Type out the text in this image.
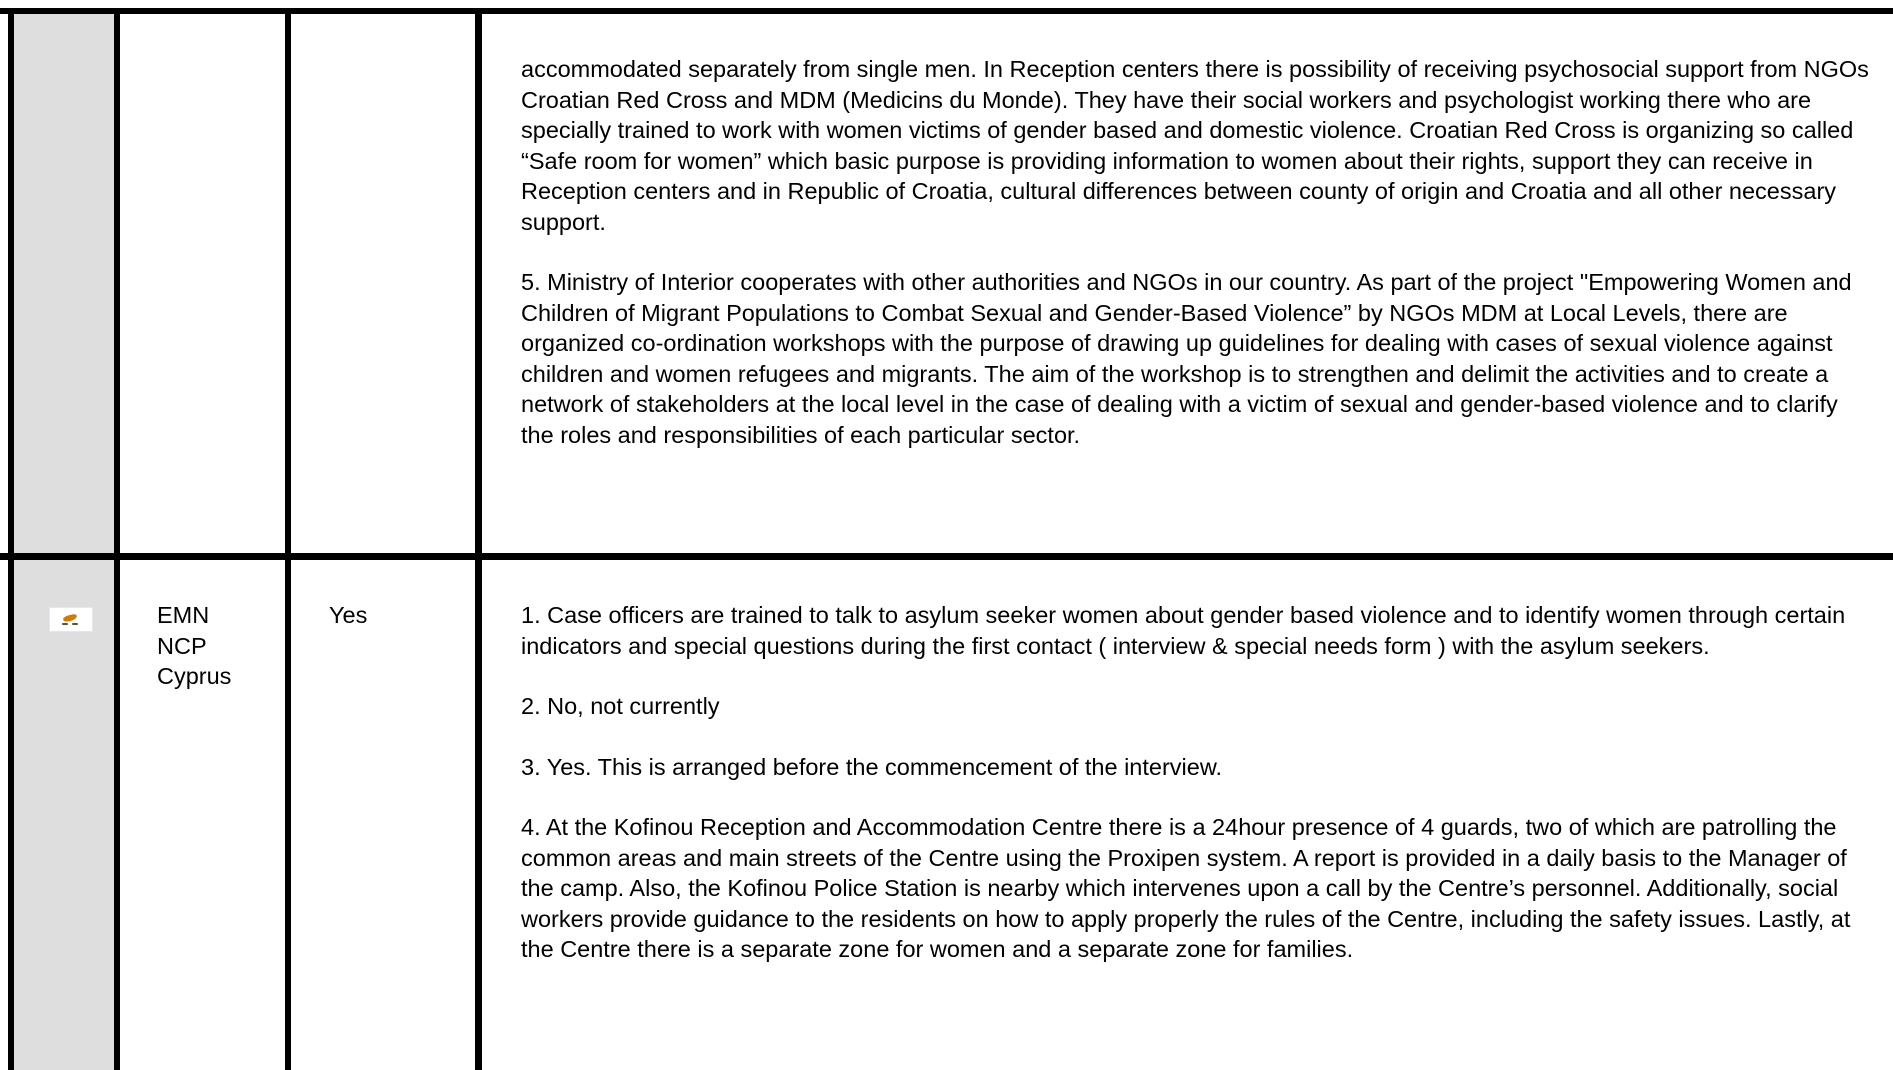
accommodated separately from single men. In Reception centers there is possibility of receiving psychosocial support from NGOs Croatian Red Cross and MDM (Medicins du Monde). They have their social workers and psychologist working there who are specially trained to work with women victims of gender based and domestic violence. Croatian Red Cross is organizing so called “Safe room for women” which basic purpose is providing information to women about their rights, support they can receive in Reception centers and in Republic of Croatia, cultural differences between county of origin and Croatia and all other necessary support.

5. Ministry of Interior cooperates with other authorities and NGOs in our country. As part of the project "Empowering Women and Children of Migrant Populations to Combat Sexual and Gender-Based Violence” by NGOs MDM at Local Levels, there are organized co-ordination workshops with the purpose of drawing up guidelines for dealing with cases of sexual violence against children and women refugees and migrants. The aim of the workshop is to strengthen and delimit the activities and to create a network of stakeholders at the local level in the case of dealing with a victim of sexual and gender-based violence and to clarify the roles and responsibilities of each particular sector.

EMN
NCP
Cyprus
Yes	1. Case officers are trained to talk to asylum seeker women about gender based violence and to identify women through certain indicators and special questions during the first contact ( interview & special needs form ) with the asylum seekers.

2. No, not currently

3. Yes. This is arranged before the commencement of the interview.

4. At the Kofinou Reception and Accommodation Centre there is a 24hour presence of 4 guards, two of which are patrolling the common areas and main streets of the Centre using the Proxipen system. A report is provided in a daily basis to the Manager of the camp. Also, the Kofinou Police Station is nearby which intervenes upon a call by the Centre’s personnel. Additionally, social workers provide guidance to the residents on how to apply properly the rules of the Centre, including the safety issues. Lastly, at the Centre there is a separate zone for women and a separate zone for families.
